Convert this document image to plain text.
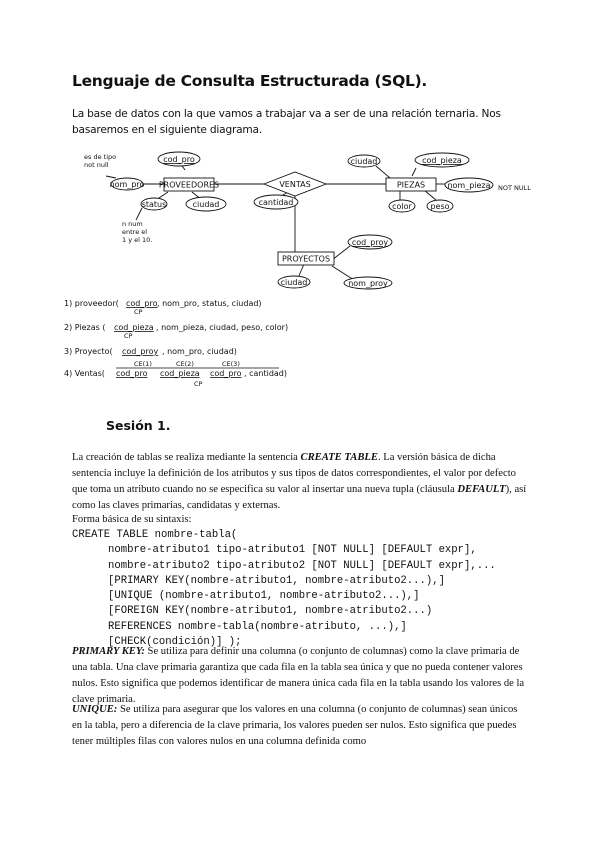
Lenguaje de Consulta Estructurada (SQL).
La base de datos con la que vamos a trabajar va a ser de una relación ternaria. Nos basaremos en el siguiente diagrama.
PROVEEDORES	PIEZAS
PROYECTOS
VENTAS
cod_pro
nom_pro
status	ciudad	cantidad
ciudad	cod_pieza
nom_pieza
color peso
ciudad
cod_proy
nom_proy
es de tipo
not null
n num
entre el
1 y el 10.
NOT NULL
1) proveedor( cod_pro , nom_pro, status, ciudad)
CP
2) Piezas ( cod_pieza , nom_pieza, ciudad, peso, color)
CP
3) Proyecto( cod_proy , nom_pro, ciudad)
CE(1)	CE(2)	CE(3)
4) Ventas( cod_pro cod_pieza cod_pro , cantidad)
CP
Sesión 1.
La creación de tablas se realiza mediante la sentencia CREATE TABLE. La versión básica de dicha sentencia incluye la definición de los atributos y sus tipos de datos correspondientes, el valor por defecto que toma un atributo cuando no se especifica su valor al insertar una nueva tupla (cláusula DEFAULT), así como las claves primarias, candidatas y externas.
Forma básica de su sintaxis:
CREATE TABLE nombre-tabla(
nombre-atributo1 tipo-atributo1 [NOT NULL] [DEFAULT expr],
nombre-atributo2 tipo-atributo2 [NOT NULL] [DEFAULT expr],...
[PRIMARY KEY(nombre-atributo1, nombre-atributo2...),]
[UNIQUE (nombre-atributo1, nombre-atributo2...),]
[FOREIGN KEY(nombre-atributo1, nombre-atributo2...)
REFERENCES nombre-tabla(nombre-atributo, ...),]
[CHECK(condición)] );
PRIMARY KEY: Se utiliza para definir una columna (o conjunto de columnas) como la clave primaria de una tabla. Una clave primaria garantiza que cada fila en la tabla sea única y que no pueda contener valores nulos. Esto significa que podemos identificar de manera única cada fila en la tabla usando los valores de la clave primaria.
UNIQUE: Se utiliza para asegurar que los valores en una columna (o conjunto de columnas) sean únicos en la tabla, pero a diferencia de la clave primaria, los valores pueden ser nulos. Esto significa que puedes tener múltiples filas con valores nulos en una columna definida como
